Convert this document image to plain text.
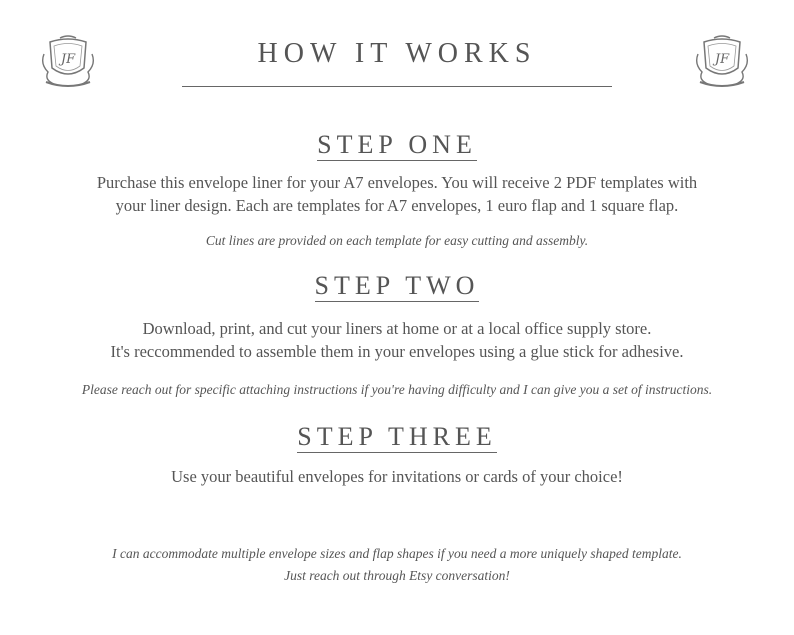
JF	JF
HOW IT WORKS
STEP ONE
Purchase this envelope liner for your A7 envelopes. You will receive 2 PDF templates with
your liner design. Each are templates for A7 envelopes, 1 euro flap and 1 square flap.
Cut lines are provided on each template for easy cutting and assembly.
STEP TWO
Download, print, and cut your liners at home or at a local office supply store.
It's reccommended to assemble them in your envelopes using a glue stick for adhesive.
Please reach out for specific attaching instructions if you're having difficulty and I can give you a set of instructions.
STEP THREE
Use your beautiful envelopes for invitations or cards of your choice!
I can accommodate multiple envelope sizes and flap shapes if you need a more uniquely shaped template.
Just reach out through Etsy conversation!
